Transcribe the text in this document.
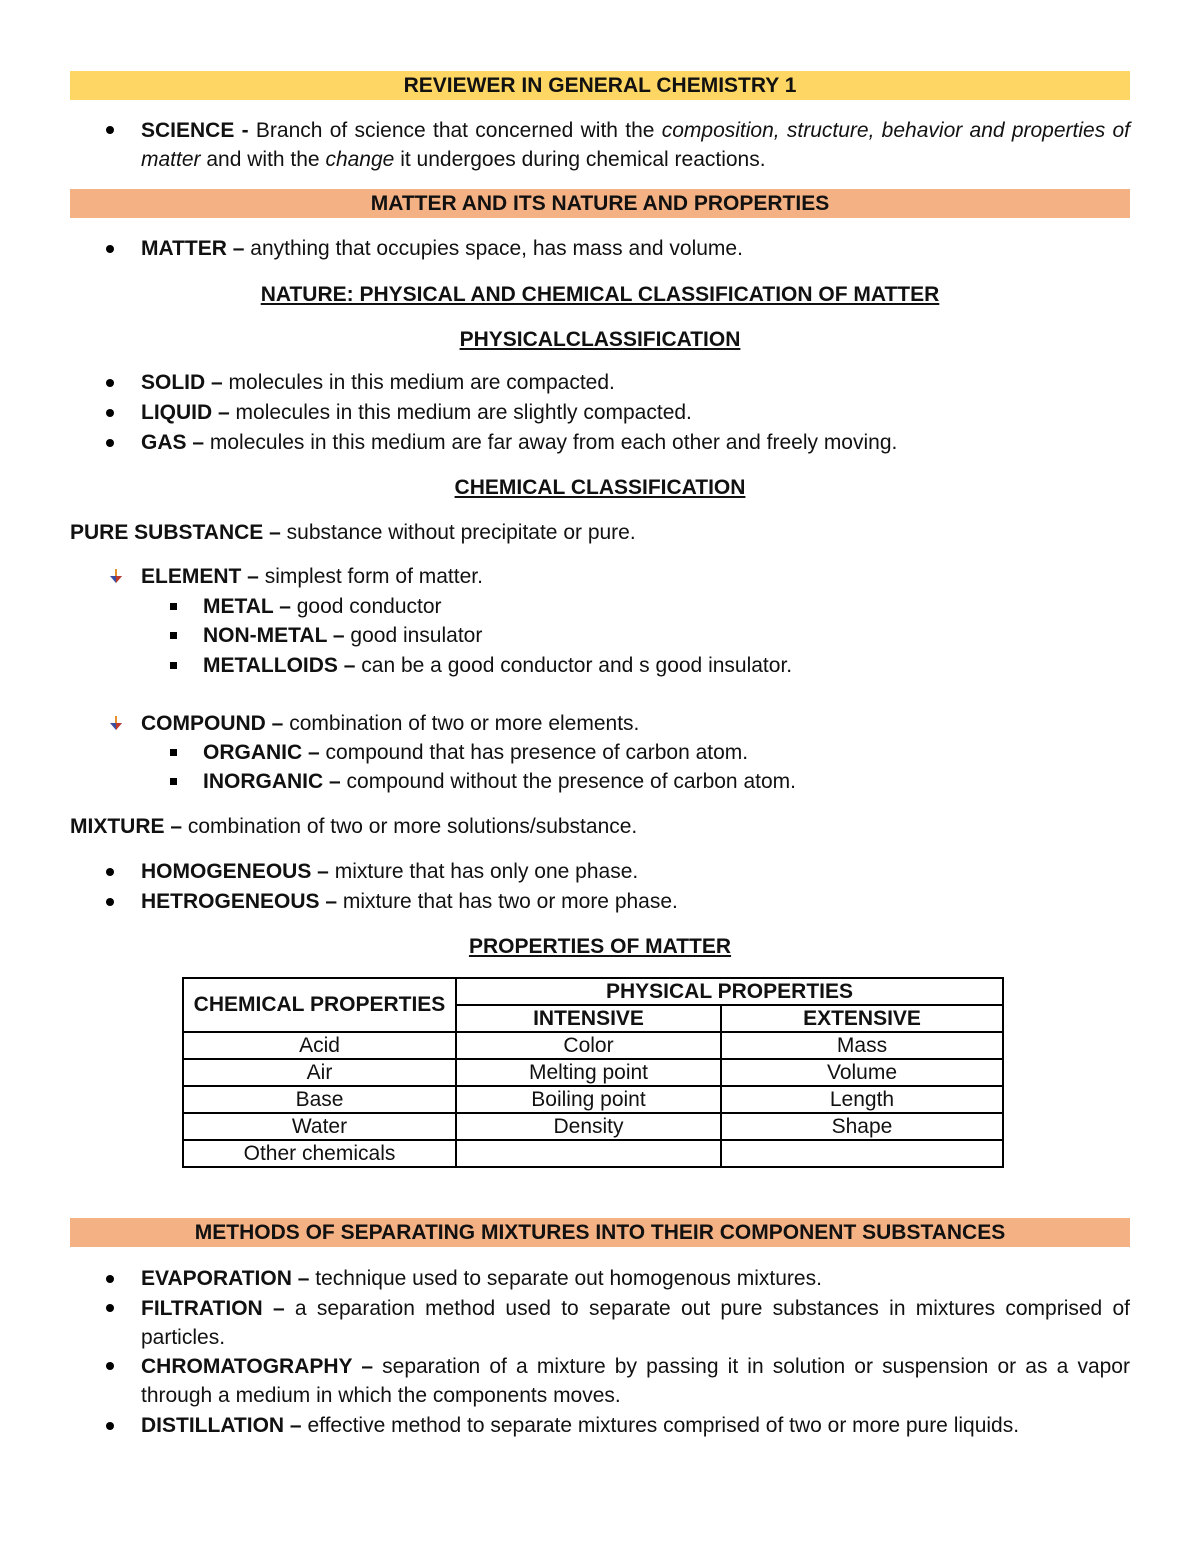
REVIEWER IN GENERAL CHEMISTRY 1
SCIENCE - Branch of science that concerned with the composition, structure, behavior and properties of matter and with the change it undergoes during chemical reactions.
MATTER AND ITS NATURE AND PROPERTIES
MATTER – anything that occupies space, has mass and volume.
NATURE: PHYSICAL AND CHEMICAL CLASSIFICATION OF MATTER
PHYSICALCLASSIFICATION
SOLID – molecules in this medium are compacted.
LIQUID – molecules in this medium are slightly compacted.
GAS – molecules in this medium are far away from each other and freely moving.
CHEMICAL CLASSIFICATION
PURE SUBSTANCE – substance without precipitate or pure.
ELEMENT – simplest form of matter.
METAL – good conductor
NON-METAL – good insulator
METALLOIDS – can be a good conductor and s good insulator.
COMPOUND – combination of two or more elements.
ORGANIC – compound that has presence of carbon atom.
INORGANIC – compound without the presence of carbon atom.
MIXTURE – combination of two or more solutions/substance.
HOMOGENEOUS – mixture that has only one phase.
HETROGENEOUS – mixture that has two or more phase.
PROPERTIES OF MATTER
CHEMICAL PROPERTIES	PHYSICAL PROPERTIES	
	INTENSIVE	EXTENSIVE
Acid	Color	Mass
Air	Melting point	Volume
Base	Boiling point	Length
Water	Density	Shape
Other chemicals		
METHODS OF SEPARATING MIXTURES INTO THEIR COMPONENT SUBSTANCES
EVAPORATION – technique used to separate out homogenous mixtures.
FILTRATION – a separation method used to separate out pure substances in mixtures comprised of particles.
CHROMATOGRAPHY – separation of a mixture by passing it in solution or suspension or as a vapor through a medium in which the components moves.
DISTILLATION – effective method to separate mixtures comprised of two or more pure liquids.
